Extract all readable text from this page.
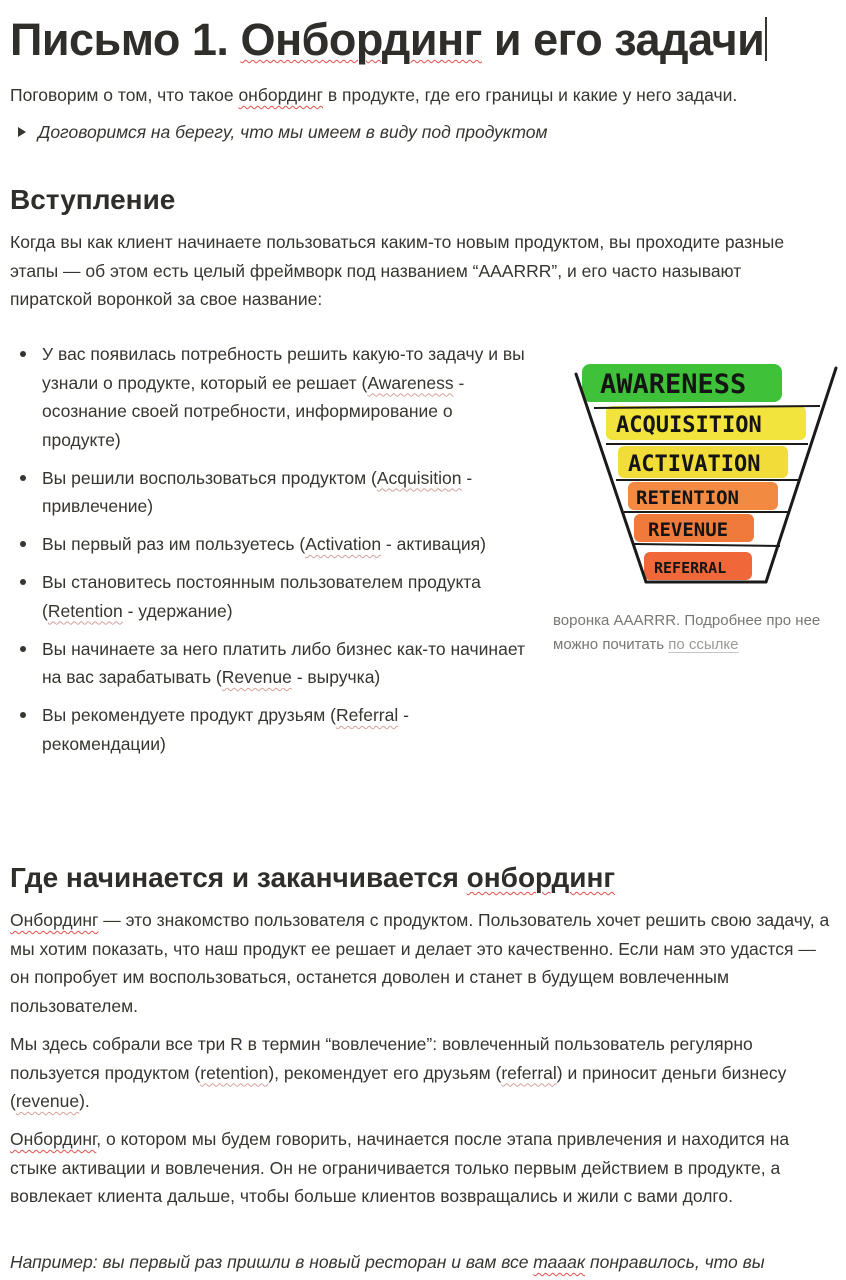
Письмо 1. Онбординг и его задачи
Поговорим о том, что такое онбординг в продукте, где его границы и какие у него задачи.
Договоримся на берегу, что мы имеем в виду под продуктом
Вступление
Когда вы как клиент начинаете пользоваться каким-то новым продуктом, вы проходите разные этапы — об этом есть целый фреймворк под названием “AAARRR”, и его часто называют пиратской воронкой за свое название:
У вас появилась потребность решить какую-то задачу и вы узнали о продукте, который ее решает (Awareness - осознание своей потребности, информирование о продукте)
Вы решили воспользоваться продуктом (Acquisition - привлечение)
Вы первый раз им пользуетесь (Activation - активация)
Вы становитесь постоянным пользователем продукта (Retention - удержание)
Вы начинаете за него платить либо бизнес как-то начинает на вас зарабатывать (Revenue - выручка)
Вы рекомендуете продукт друзьям (Referral - рекомендации)
AWARENESS
ACQUISITION
ACTIVATION
RETENTION
REVENUE
REFERRAL
воронка AAARRR. Подробнее про нее можно почитать по ссылке
Где начинается и заканчивается онбординг
Онбординг — это знакомство пользователя с продуктом. Пользователь хочет решить свою задачу, а мы хотим показать, что наш продукт ее решает и делает это качественно. Если нам это удастся — он попробует им воспользоваться, останется доволен и станет в будущем вовлеченным пользователем.
Мы здесь собрали все три R в термин “вовлечение”: вовлеченный пользователь регулярно пользуется продуктом (retention), рекомендует его друзьям (referral) и приносит деньги бизнесу (revenue).
Онбординг, о котором мы будем говорить, начинается после этапа привлечения и находится на стыке активации и вовлечения. Он не ограничивается только первым действием в продукте, а вовлекает клиента дальше, чтобы больше клиентов возвращались и жили с вами долго.
Например: вы первый раз пришли в новый ресторан и вам все тааак понравилось, что вы
